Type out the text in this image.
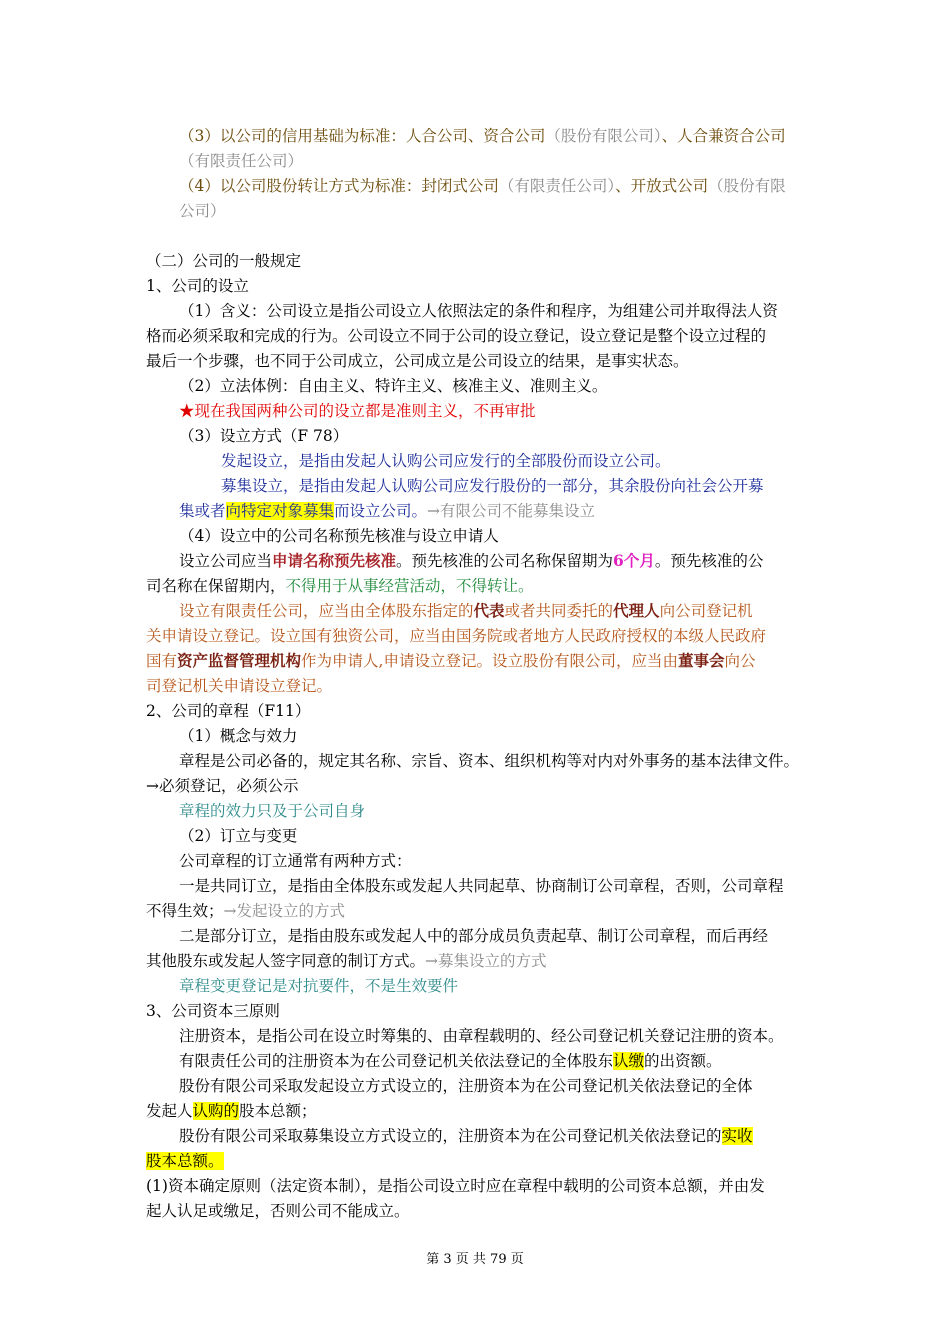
（3）以公司的信用基础为标准：人合公司、资合公司（股份有限公司）、人合兼资合公司
（有限责任公司）
（4）以公司股份转让方式为标准：封闭式公司（有限责任公司）、开放式公司（股份有限
公司）
（二）公司的一般规定
1、公司的设立
（1）含义：公司设立是指公司设立人依照法定的条件和程序，为组建公司并取得法人资
格而必须采取和完成的行为。公司设立不同于公司的设立登记，设立登记是整个设立过程的
最后一个步骤，也不同于公司成立，公司成立是公司设立的结果，是事实状态。
（2）立法体例：自由主义、特许主义、核准主义、准则主义。
★现在我国两种公司的设立都是准则主义，不再审批
（3）设立方式（F 78）
发起设立，是指由发起人认购公司应发行的全部股份而设立公司。
募集设立，是指由发起人认购公司应发行股份的一部分，其余股份向社会公开募
集或者向特定对象募集而设立公司。→有限公司不能募集设立
（4）设立中的公司名称预先核准与设立申请人
设立公司应当申请名称预先核准。预先核准的公司名称保留期为6个月。预先核准的公
司名称在保留期内，不得用于从事经营活动，不得转让。
设立有限责任公司，应当由全体股东指定的代表或者共同委托的代理人向公司登记机
关申请设立登记。设立国有独资公司，应当由国务院或者地方人民政府授权的本级人民政府
国有资产监督管理机构作为申请人,申请设立登记。设立股份有限公司，应当由董事会向公
司登记机关申请设立登记。
2、公司的章程（F11）
（1）概念与效力
章程是公司必备的，规定其名称、宗旨、资本、组织机构等对内对外事务的基本法律文件。
→必须登记，必须公示
章程的效力只及于公司自身
（2）订立与变更
公司章程的订立通常有两种方式：
一是共同订立，是指由全体股东或发起人共同起草、协商制订公司章程，否则，公司章程
不得生效；→发起设立的方式
二是部分订立，是指由股东或发起人中的部分成员负责起草、制订公司章程，而后再经
其他股东或发起人签字同意的制订方式。→募集设立的方式
章程变更登记是对抗要件，不是生效要件
3、公司资本三原则
注册资本，是指公司在设立时筹集的、由章程载明的、经公司登记机关登记注册的资本。
有限责任公司的注册资本为在公司登记机关依法登记的全体股东认缴的出资额。
股份有限公司采取发起设立方式设立的，注册资本为在公司登记机关依法登记的全体
发起人认购的股本总额；
股份有限公司采取募集设立方式设立的，注册资本为在公司登记机关依法登记的实收
股本总额。
(1)资本确定原则（法定资本制），是指公司设立时应在章程中载明的公司资本总额，并由发
起人认足或缴足，否则公司不能成立。
第 3 页 共 79 页
